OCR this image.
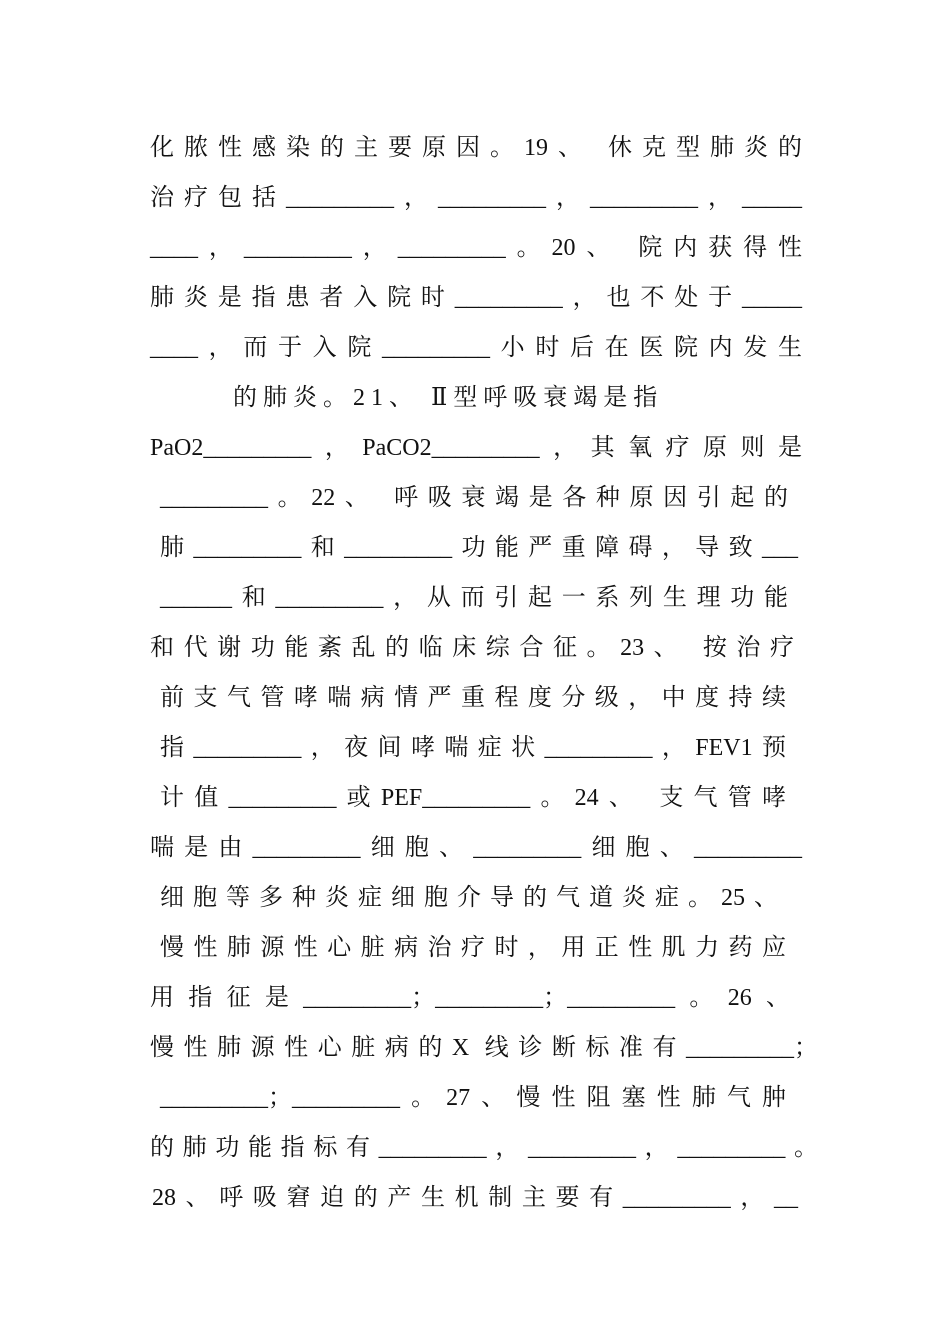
化脓性感染的主要原因。19、 休克型肺炎的
治疗包括_________，_________，_________，_____
____，_________，_________。20、 院内获得性
肺炎是指患者入院时_________，也不处于_____
____，而于入院_________小时后在医院内发生
的肺炎。21、 Ⅱ型呼吸衰竭是指
PaO2_________，PaCO2_________，其氧疗原则是
_________。22、 呼吸衰竭是各种原因引起的
肺_________和_________功能严重障碍，导致___
______和_________，从而引起一系列生理功能
和代谢功能紊乱的临床综合征。23、 按治疗
前支气管哮喘病情严重程度分级，中度持续
指_________，夜间哮喘症状_________，FEV1预
计值_________或PEF_________。24、 支气管哮
喘是由_________细胞、_________细胞、_________
细胞等多种炎症细胞介导的气道炎症。25、
慢性肺源性心脏病治疗时，用正性肌力药应
用指征是_________；_________；_________。26、
慢性肺源性心脏病的X 线诊断标准有_________；
_________；_________。27、慢性阻塞性肺气肿
的肺功能指标有_________，_________，_________。
28、呼吸窘迫的产生机制主要有_________，__
